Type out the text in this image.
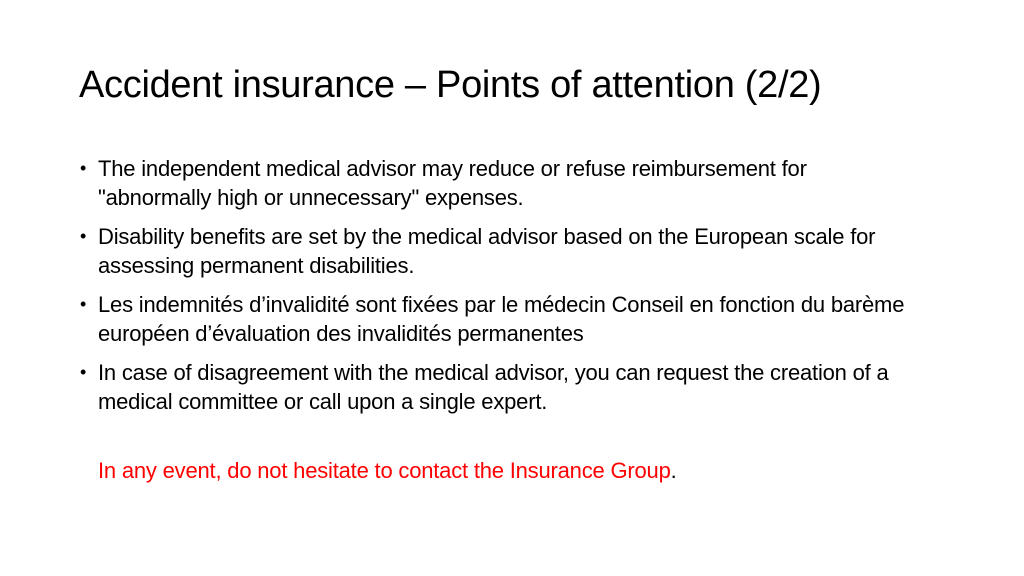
Accident insurance – Points of attention (2/2)
• The independent medical advisor may reduce or refuse reimbursement for "abnormally high or unnecessary" expenses.
• Disability benefits are set by the medical advisor based on the European scale for assessing permanent disabilities.
• Les indemnités d’invalidité sont fixées par le médecin Conseil en fonction du barème européen d’évaluation des invalidités permanentes
• In case of disagreement with the medical advisor, you can request the creation of a medical committee or call upon a single expert.
In any event, do not hesitate to contact the Insurance Group.
